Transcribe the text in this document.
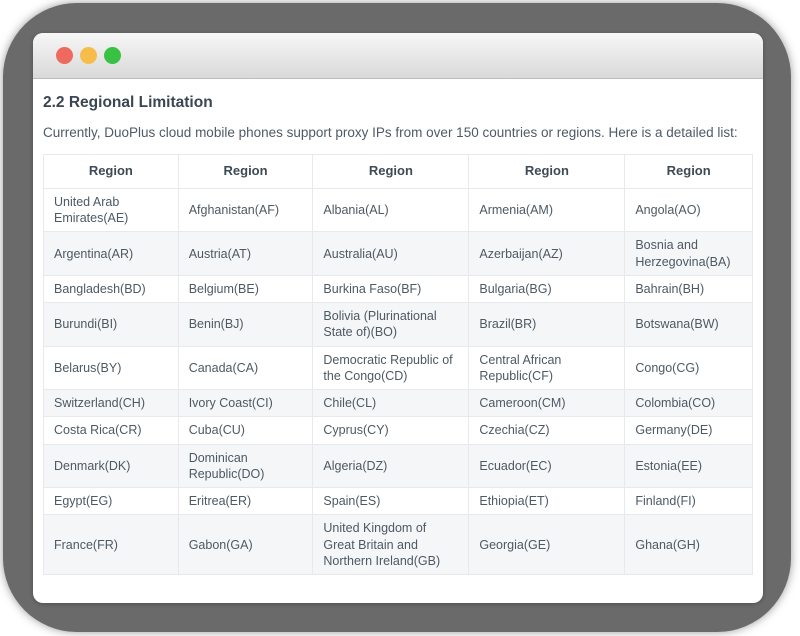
2.2 Regional Limitation

Currently, DuoPlus cloud mobile phones support proxy IPs from over 150 countries or regions. Here is a detailed list:

Region	Region	Region	Region	Region
United Arab Emirates(AE)	Afghanistan(AF)	Albania(AL)	Armenia(AM)	Angola(AO)
Argentina(AR)	Austria(AT)	Australia(AU)	Azerbaijan(AZ)	Bosnia and Herzegovina(BA)
Bangladesh(BD)	Belgium(BE)	Burkina Faso(BF)	Bulgaria(BG)	Bahrain(BH)
Burundi(BI)	Benin(BJ)	Bolivia (Plurinational State of)(BO)	Brazil(BR)	Botswana(BW)
Belarus(BY)	Canada(CA)	Democratic Republic of the Congo(CD)	Central African Republic(CF)	Congo(CG)
Switzerland(CH)	Ivory Coast(CI)	Chile(CL)	Cameroon(CM)	Colombia(CO)
Costa Rica(CR)	Cuba(CU)	Cyprus(CY)	Czechia(CZ)	Germany(DE)
Denmark(DK)	Dominican Republic(DO)	Algeria(DZ)	Ecuador(EC)	Estonia(EE)
Egypt(EG)	Eritrea(ER)	Spain(ES)	Ethiopia(ET)	Finland(FI)
France(FR)	Gabon(GA)	United Kingdom of Great Britain and Northern Ireland(GB)	Georgia(GE)	Ghana(GH)
